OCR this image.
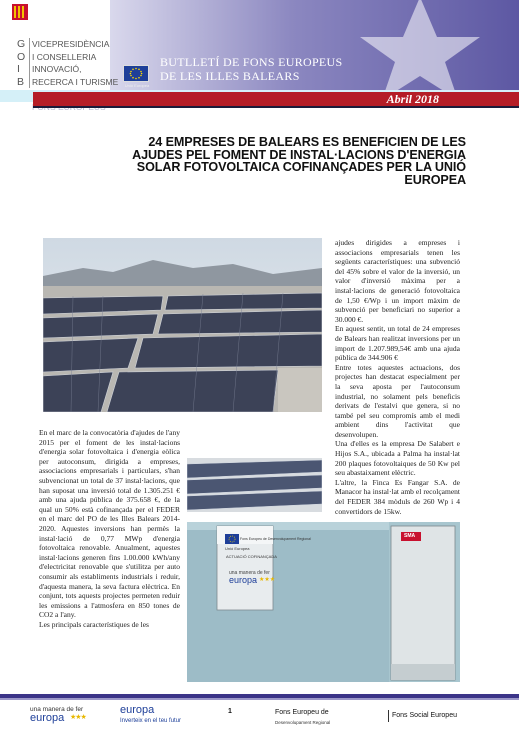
G
O
I
B
VICEPRESIDÈNCIA
I CONSELLERIA
INNOVACIÓ,
RECERCA I TURISME
BUTLLETÍ DE FONS EUROPEUS
DE LES ILLES BALEARS
Unió Europea
Abril 2018
24 EMPRESES DE BALEARS ES BENEFICIEN DE LES
AJUDES PEL FOMENT DE INSTAL·LACIONS D'ENERGIA
SOLAR FOTOVOLTAICA COFINANÇADES PER LA UNIÓ
EUROPEA
Unió Europea
Fons Europeu de Desenvolupament Regional
ACTUACIÓ COFINANÇADA
una manera de fer
europa ★★★
SMA

En el marc de la convocatòria d'ajudes de l'any 2015 per el foment de les instal·lacions d'energia solar fotovoltaica i d'energia eòlica per autoconsum, dirigida a empreses, associacions empresarials i particulars, s'han subvencionat un total de 37 instal·lacions, que han suposat una inversió total de 1.305.251 € amb una ajuda pública de 375.658 €, de la qual un 50% està cofinançada per el FEDER en el marc del PO de les Illes Balears 2014-2020. Aquestes inversions han permès la instal·lació de 0,77 MWp d'energia fotovoltaica renovable. Anualment, aquestes instal·lacions generen fins 1.00.000 kWh/any d'electricitat renovable que s'utilitza per auto consumir als establiments industrials i reduir, d'aquesta manera, la seva factura elèctrica. En conjunt, tots aquests projectes permeten reduir les emissions a l'atmosfera en 850 tones de CO2 a l'any.

Les principals característiques de les

ajudes dirigides a empreses i associacions empresarials tenen les següents característiques: una subvenció del 45% sobre el valor de la inversió, un valor d'inversió màxima per a instal·lacions de generació fotovoltaica de 1,50 €/Wp i un import màxim de subvenció per beneficiari no superior a 30.000 €.

En aquest sentit, un total de 24 empreses de Balears han realitzat inversions per un import de 1.207.989,54€ amb una ajuda pública de 344.906 €

Entre totes aquestes actuacions, dos projectes han destacat especialment per la seva aposta per l'autoconsum industrial, no solament pels beneficis derivats de l'estalvi que genera, si no també pel seu compromís amb el medi ambient dins l'activitat que desenvolupen.

Una d'elles es la empresa De Salabert e Hijos S.A., ubicada a Palma ha instal·lat 200 plaques fotovoltaiques de 50 Kw pel seu abastaixament elèctric.

L'altre, la Finca Es Fangar S.A. de Manacor ha instal·lat amb el recolçament del FEDER 384 mòduls de 260 Wp i 4 convertidors de 15kw.

una manera de fer
europa ★★★
europa
Inverteix en el teu futur
1	Fons Europeu de
Desenvolupament Regional
Fons Social Europeu
